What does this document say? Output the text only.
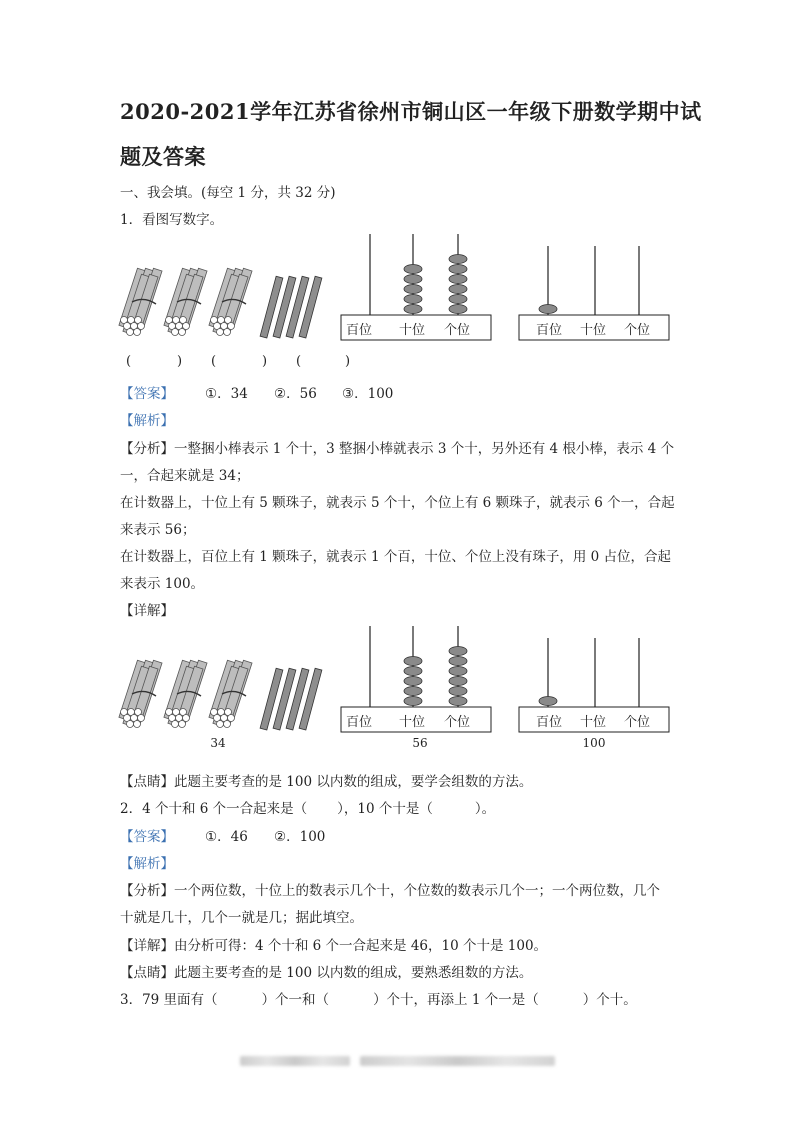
2020-2021学年江苏省徐州市铜山区一年级下册数学期中试
题及答案
一、我会填。(每空 1 分，共 32 分)
1．看图写数字。
百位 十位 个位	百位 十位 个位
(	) (	) (	)
【答案】 ①．34 ②．56 ③．100
【解析】
【分析】一整捆小棒表示 1 个十，3 整捆小棒就表示 3 个十，另外还有 4 根小棒，表示 4 个
一，合起来就是 34；
在计数器上，十位上有 5 颗珠子，就表示 5 个十，个位上有 6 颗珠子，就表示 6 个一，合起
来表示 56；
在计数器上，百位上有 1 颗珠子，就表示 1 个百，十位、个位上没有珠子，用 0 占位，合起
来表示 100。
【详解】
百位 十位 个位	百位 十位 个位
34	56	100
【点睛】此题主要考查的是 100 以内数的组成，要学会组数的方法。
2．4 个十和 6 个一合起来是（ ），10 个十是（	）。
【答案】 ①．46 ②．100
【解析】
【分析】一个两位数，十位上的数表示几个十，个位数的数表示几个一；一个两位数，几个
十就是几十，几个一就是几；据此填空。
【详解】由分析可得：4 个十和 6 个一合起来是 46，10 个十是 100。
【点睛】此题主要考查的是 100 以内数的组成，要熟悉组数的方法。
3．79 里面有（	）个一和（	）个十，再添上 1 个一是（	）个十。
